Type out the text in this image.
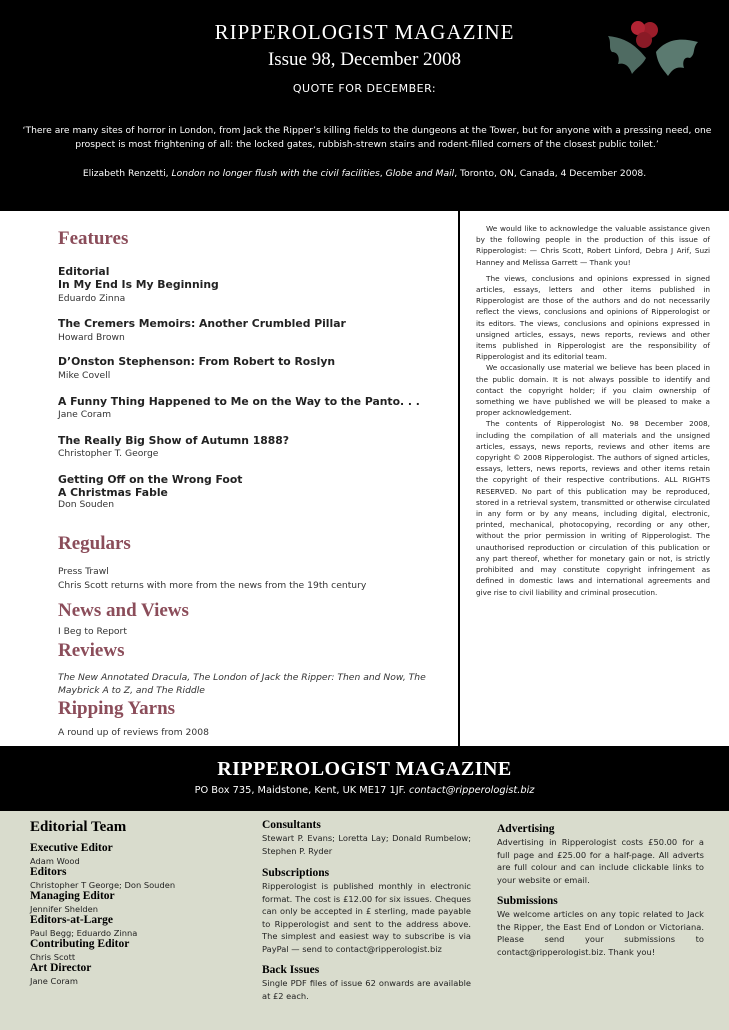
RIPPEROLOGIST MAGAZINE
Issue 98, December 2008
QUOTE FOR DECEMBER:
‘There are many sites of horror in London, from Jack the Ripper’s killing fields to the dungeons at the Tower, but for anyone with a pressing need, one prospect is most frightening of all: the locked gates, rubbish-strewn stairs and rodent-filled corners of the closest public toilet.’
Elizabeth Renzetti, London no longer flush with the civil facilities, Globe and Mail, Toronto, ON, Canada, 4 December 2008.
Features
Editorial
In My End Is My Beginning
Eduardo Zinna
The Cremers Memoirs: Another Crumbled Pillar
Howard Brown
D’Onston Stephenson: From Robert to Roslyn
Mike Covell
A Funny Thing Happened to Me on the Way to the Panto. . .
Jane Coram
The Really Big Show of Autumn 1888?
Christopher T. George
Getting Off on the Wrong Foot
A Christmas Fable
Don Souden
Regulars
Press Trawl
Chris Scott returns with more from the news from the 19th century
News and Views
I Beg to Report
Reviews
The New Annotated Dracula, The London of Jack the Ripper: Then and Now, The
Maybrick A to Z, and The Riddle
Ripping Yarns
A round up of reviews from 2008

We would like to acknowledge the valuable assistance given by the following people in the production of this issue of Ripperologist: — Chris Scott, Robert Linford, Debra J Arif, Suzi Hanney and Melissa Garrett — Thank you!

The views, conclusions and opinions expressed in signed articles, essays, letters and other items published in Ripperologist are those of the authors and do not necessarily reflect the views, conclusions and opinions of Ripperologist or its editors. The views, conclusions and opinions expressed in unsigned articles, essays, news reports, reviews and other items published in Ripperologist are the responsibility of Ripperologist and its editorial team.

We occasionally use material we believe has been placed in the public domain. It is not always possible to identify and contact the copyright holder; if you claim ownership of something we have published we will be pleased to make a proper acknowledgement.

The contents of Ripperologist No. 98 December 2008, including the compilation of all materials and the unsigned articles, essays, news reports, reviews and other items are copyright © 2008 Ripperologist. The authors of signed articles, essays, letters, news reports, reviews and other items retain the copyright of their respective contributions. ALL RIGHTS RESERVED. No part of this publication may be reproduced, stored in a retrieval system, transmitted or otherwise circulated in any form or by any means, including digital, electronic, printed, mechanical, photocopying, recording or any other, without the prior permission in writing of Ripperologist. The unauthorised reproduction or circulation of this publication or any part thereof, whether for monetary gain or not, is strictly prohibited and may constitute copyright infringement as defined in domestic laws and international agreements and give rise to civil liability and criminal prosecution.

RIPPEROLOGIST MAGAZINE
PO Box 735, Maidstone, Kent, UK ME17 1JF. contact@ripperologist.biz
Editorial Team
Executive Editor
Adam Wood
Editors
Christopher T George; Don Souden
Managing Editor
Jennifer Shelden
Editors-at-Large
Paul Begg; Eduardo Zinna
Contributing Editor
Chris Scott
Art Director
Jane Coram
Consultants
Stewart P. Evans; Loretta Lay; Donald Rumbelow; Stephen P. Ryder
Subscriptions
Ripperologist is published monthly in electronic format. The cost is £12.00 for six issues. Cheques can only be accepted in £ sterling, made payable to Ripperologist and sent to the address above. The simplest and easiest way to subscribe is via PayPal — send to contact@ripperologist.biz
Back Issues
Single PDF files of issue 62 onwards are available at £2 each.
Advertising
Advertising in Ripperologist costs £50.00 for a full page and £25.00 for a half-page. All adverts are full colour and can include clickable links to your website or email.
Submissions
We welcome articles on any topic related to Jack the Ripper, the East End of London or Victoriana. Please send your submissions to contact@ripperologist.biz. Thank you!
